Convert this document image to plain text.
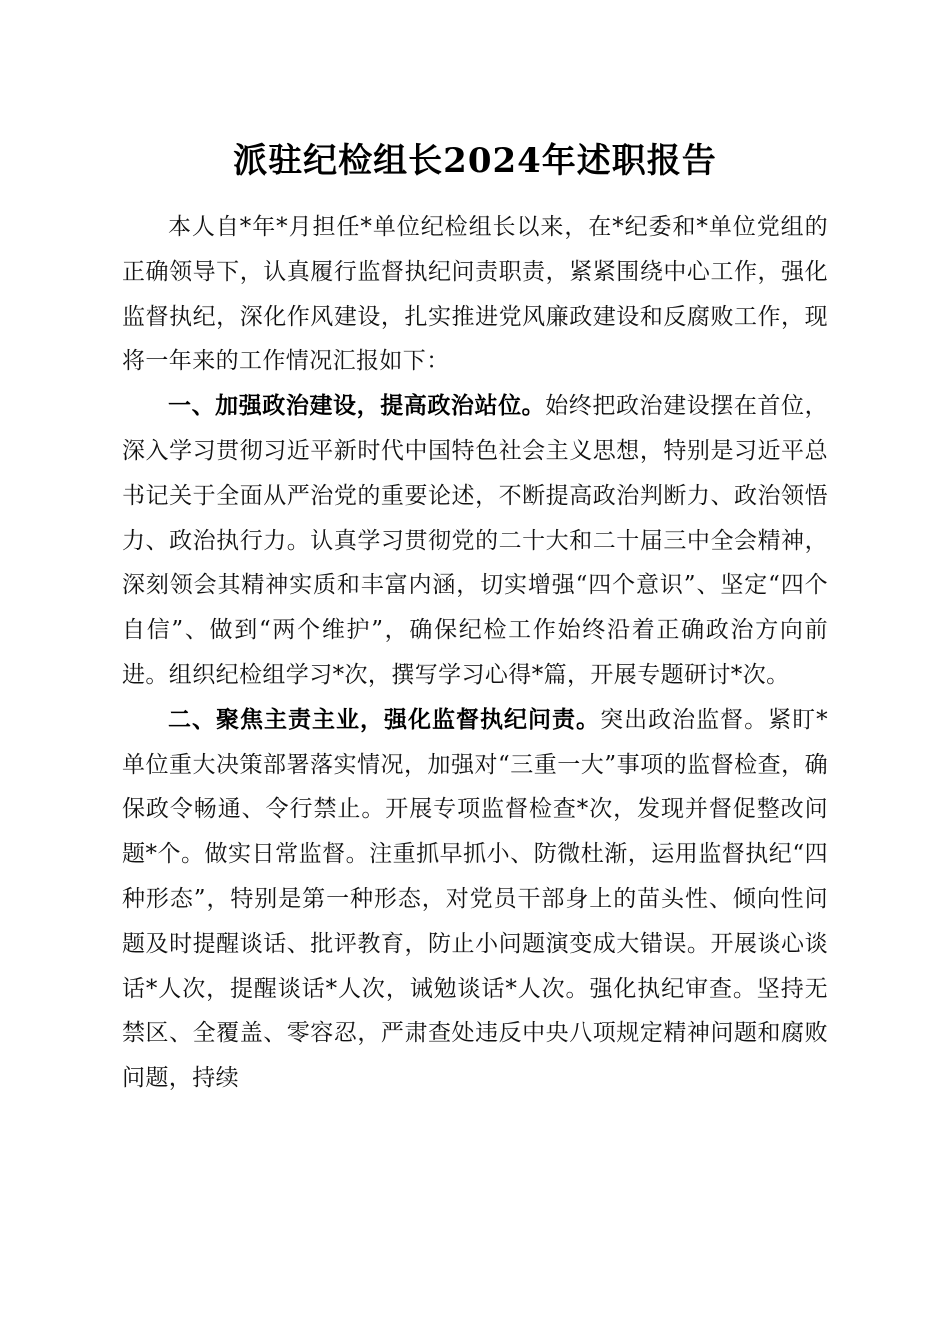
派驻纪检组长2024年述职报告

本人自*年*月担任*单位纪检组长以来，在*纪委和*单位党组的正确领导下，认真履行监督执纪问责职责，紧紧围绕中心工作，强化监督执纪，深化作风建设，扎实推进党风廉政建设和反腐败工作，现将一年来的工作情况汇报如下：

一、加强政治建设，提高政治站位。始终把政治建设摆在首位，深入学习贯彻习近平新时代中国特色社会主义思想，特别是习近平总书记关于全面从严治党的重要论述，不断提高政治判断力、政治领悟力、政治执行力。认真学习贯彻党的二十大和二十届三中全会精神，深刻领会其精神实质和丰富内涵，切实增强“四个意识”、坚定“四个自信”、做到“两个维护”，确保纪检工作始终沿着正确政治方向前进。组织纪检组学习*次，撰写学习心得*篇，开展专题研讨*次。

二、聚焦主责主业，强化监督执纪问责。突出政治监督。紧盯*单位重大决策部署落实情况，加强对“三重一大”事项的监督检查，确保政令畅通、令行禁止。开展专项监督检查*次，发现并督促整改问题*个。做实日常监督。注重抓早抓小、防微杜渐，运用监督执纪“四种形态”，特别是第一种形态，对党员干部身上的苗头性、倾向性问题及时提醒谈话、批评教育，防止小问题演变成大错误。开展谈心谈话*人次，提醒谈话*人次，诫勉谈话*人次。强化执纪审查。坚持无禁区、全覆盖、零容忍，严肃查处违反中央八项规定精神问题和腐败问题，持续
